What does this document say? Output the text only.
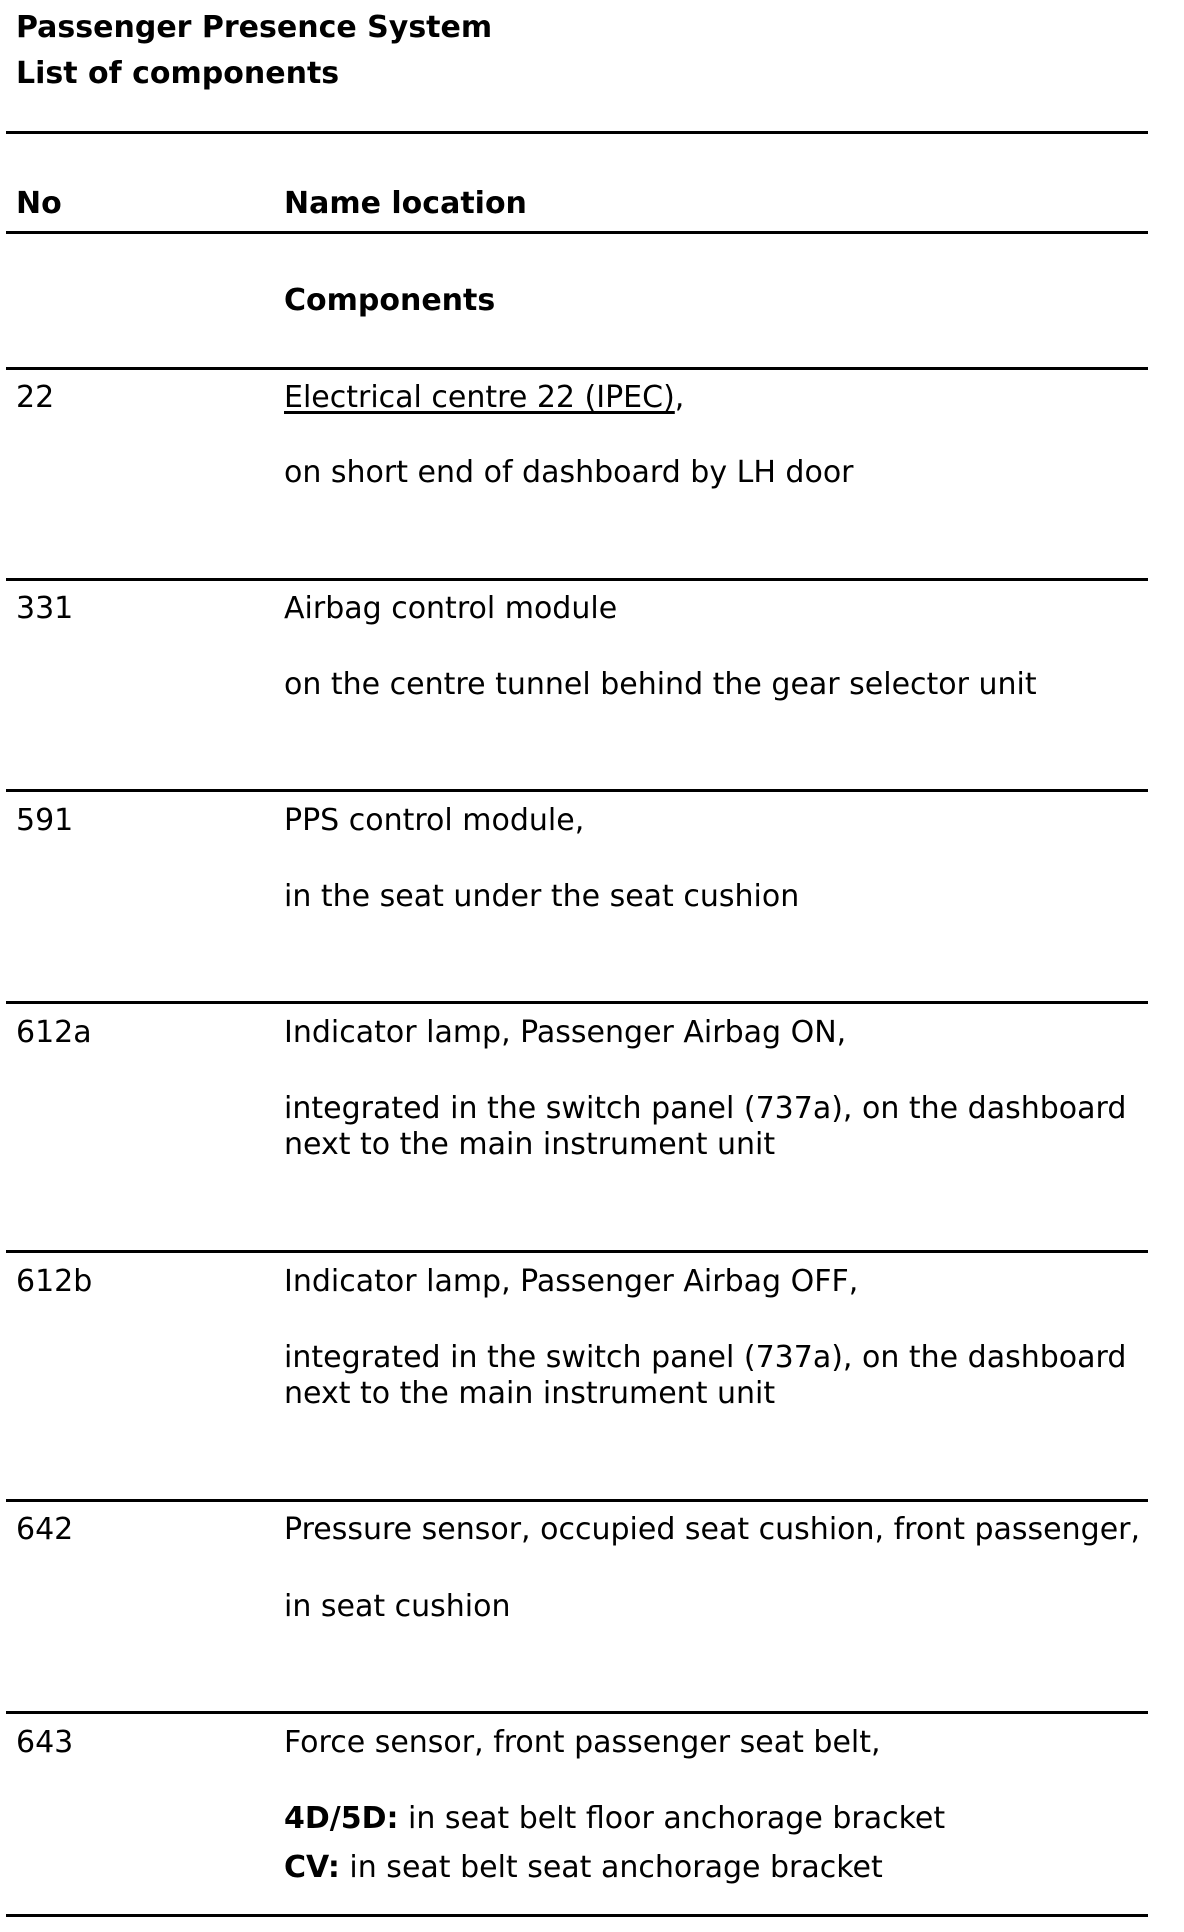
Passenger Presence System
List of components
No	Name location
Components
22	Electrical centre 22 (IPEC),
on short end of dashboard by LH door
331	Airbag control module
on the centre tunnel behind the gear selector unit
591	PPS control module,
in the seat under the seat cushion
612a	Indicator lamp, Passenger Airbag ON,
integrated in the switch panel (737a), on the dashboard
next to the main instrument unit
612b	Indicator lamp, Passenger Airbag OFF,
integrated in the switch panel (737a), on the dashboard
next to the main instrument unit
642	Pressure sensor, occupied seat cushion, front passenger,
in seat cushion
643	Force sensor, front passenger seat belt,
4D/5D: in seat belt floor anchorage bracket
CV: in seat belt seat anchorage bracket
